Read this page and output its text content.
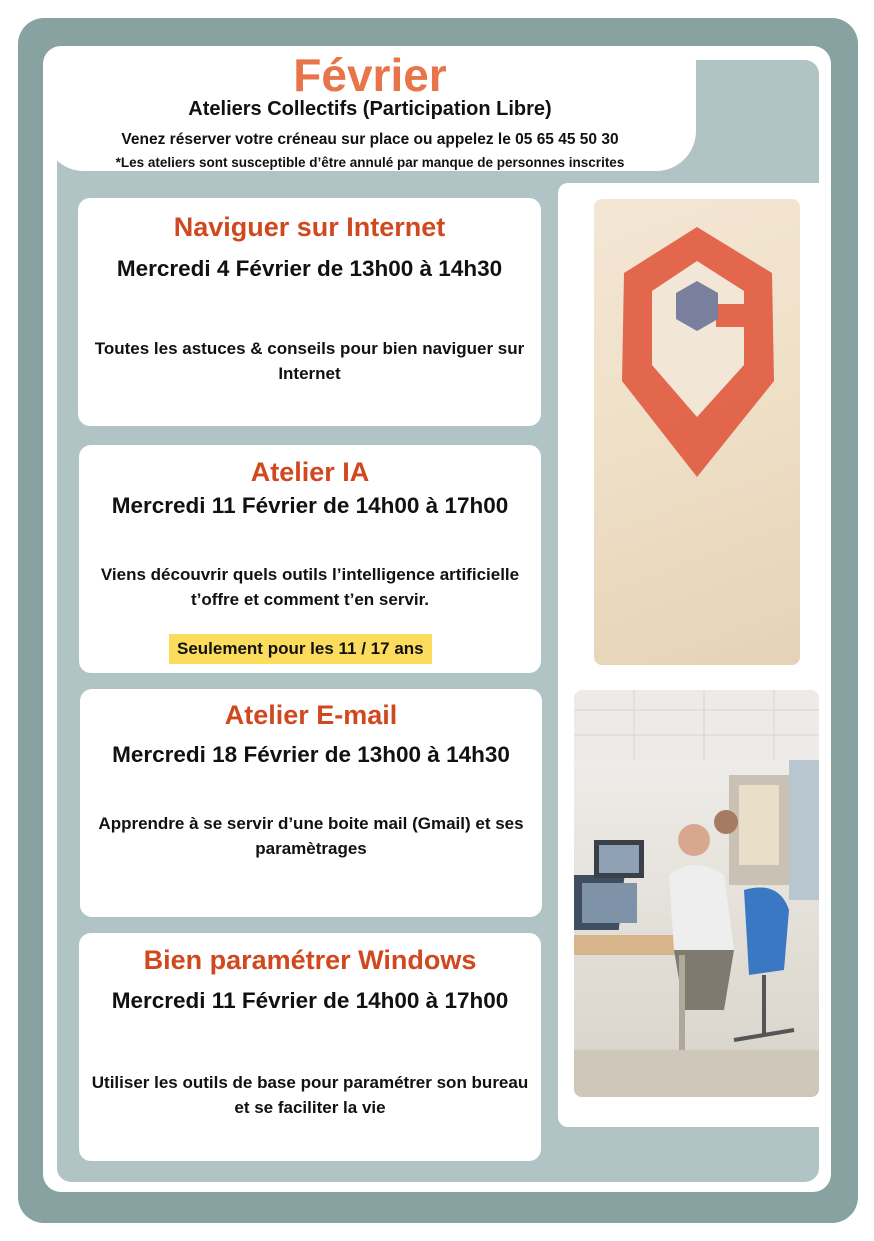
Février
Ateliers Collectifs (Participation Libre)
Venez réserver votre créneau sur place ou appelez le 05 65 45 50 30
*Les ateliers sont susceptible d’être annulé par manque de personnes inscrites
Naviguer sur Internet
Mercredi 4 Février de 13h00 à 14h30
Toutes les astuces & conseils pour bien naviguer sur Internet
Atelier IA
Mercredi 11 Février de 14h00 à 17h00
Viens découvrir quels outils l’intelligence artificielle t’offre et comment t’en servir.
Seulement pour les 11 / 17 ans
Atelier E-mail
Mercredi 18 Février de 13h00 à 14h30
Apprendre à se servir d’une boite mail (Gmail) et ses paramètrages
Bien paramétrer Windows
Mercredi 11 Février de 14h00 à 17h00
Utiliser les outils de base pour paramétrer son bureau et se faciliter la vie
